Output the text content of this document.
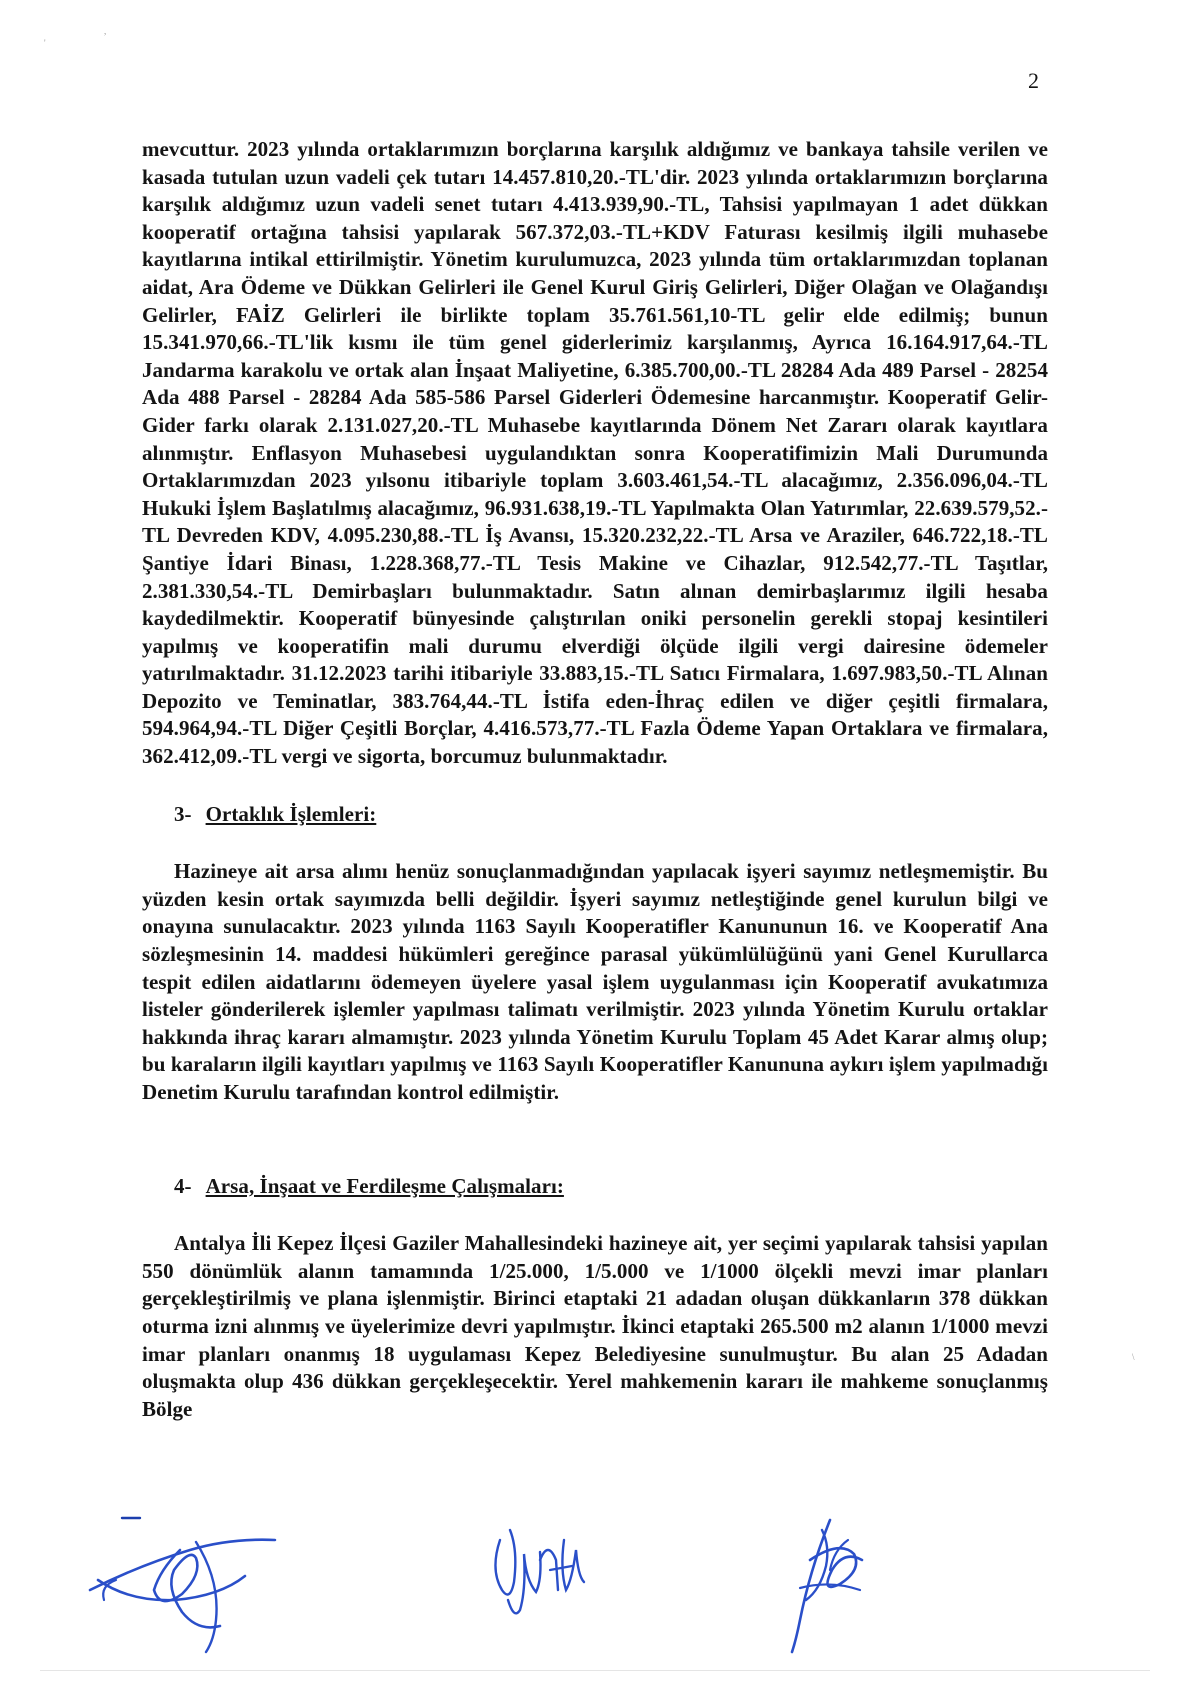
2
'
,

mevcuttur. 2023 yılında ortaklarımızın borçlarına karşılık aldığımız ve bankaya tahsile verilen ve kasada tutulan uzun vadeli çek tutarı 14.457.810,20.-TL'dir. 2023 yılında ortaklarımızın borçlarına karşılık aldığımız uzun vadeli senet tutarı 4.413.939,90.-TL, Tahsisi yapılmayan 1 adet dükkan kooperatif ortağına tahsisi yapılarak 567.372,03.-TL+KDV Faturası kesilmiş ilgili muhasebe kayıtlarına intikal ettirilmiştir. Yönetim kurulumuzca, 2023 yılında tüm ortaklarımızdan toplanan aidat, Ara Ödeme ve Dükkan Gelirleri ile Genel Kurul Giriş Gelirleri, Diğer Olağan ve Olağandışı Gelirler, FAİZ Gelirleri ile birlikte toplam 35.761.561,10-TL gelir elde edilmiş; bunun 15.341.970,66.-TL'lik kısmı ile tüm genel giderlerimiz karşılanmış, Ayrıca 16.164.917,64.-TL Jandarma karakolu ve ortak alan İnşaat Maliyetine, 6.385.700,00.-TL 28284 Ada 489 Parsel - 28254 Ada 488 Parsel - 28284 Ada 585-586 Parsel Giderleri Ödemesine harcanmıştır. Kooperatif Gelir-Gider farkı olarak 2.131.027,20.-TL Muhasebe kayıtlarında Dönem Net Zararı olarak kayıtlara alınmıştır. Enflasyon Muhasebesi uygulandıktan sonra Kooperatifimizin Mali Durumunda Ortaklarımızdan 2023 yılsonu itibariyle toplam 3.603.461,54.-TL alacağımız, 2.356.096,04.-TL Hukuki İşlem Başlatılmış alacağımız, 96.931.638,19.-TL Yapılmakta Olan Yatırımlar, 22.639.579,52.-TL Devreden KDV, 4.095.230,88.-TL İş Avansı, 15.320.232,22.-TL Arsa ve Araziler, 646.722,18.-TL Şantiye İdari Binası, 1.228.368,77.-TL Tesis Makine ve Cihazlar, 912.542,77.-TL Taşıtlar, 2.381.330,54.-TL Demirbaşları bulunmaktadır. Satın alınan demirbaşlarımız ilgili hesaba kaydedilmektir. Kooperatif bünyesinde çalıştırılan oniki personelin gerekli stopaj kesintileri yapılmış ve kooperatifin mali durumu elverdiği ölçüde ilgili vergi dairesine ödemeler yatırılmaktadır. 31.12.2023 tarihi itibariyle 33.883,15.-TL Satıcı Firmalara, 1.697.983,50.-TL Alınan Depozito ve Teminatlar, 383.764,44.-TL İstifa eden-İhraç edilen ve diğer çeşitli firmalara, 594.964,94.-TL Diğer Çeşitli Borçlar, 4.416.573,77.-TL Fazla Ödeme Yapan Ortaklara ve firmalara, 362.412,09.-TL vergi ve sigorta, borcumuz bulunmaktadır.

3- Ortaklık İşlemleri:

Hazineye ait arsa alımı henüz sonuçlanmadığından yapılacak işyeri sayımız netleşmemiştir. Bu yüzden kesin ortak sayımızda belli değildir. İşyeri sayımız netleştiğinde genel kurulun bilgi ve onayına sunulacaktır. 2023 yılında 1163 Sayılı Kooperatifler Kanununun 16. ve Kooperatif Ana sözleşmesinin 14. maddesi hükümleri gereğince parasal yükümlülüğünü yani Genel Kurullarca tespit edilen aidatlarını ödemeyen üyelere yasal işlem uygulanması için Kooperatif avukatımıza listeler gönderilerek işlemler yapılması talimatı verilmiştir. 2023 yılında Yönetim Kurulu ortaklar hakkında ihraç kararı almamıştır. 2023 yılında Yönetim Kurulu Toplam 45 Adet Karar almış olup; bu karaların ilgili kayıtları yapılmış ve 1163 Sayılı Kooperatifler Kanununa aykırı işlem yapılmadığı Denetim Kurulu tarafından kontrol edilmiştir.

4- Arsa, İnşaat ve Ferdileşme Çalışmaları:

Antalya İli Kepez İlçesi Gaziler Mahallesindeki hazineye ait, yer seçimi yapılarak tahsisi yapılan 550 dönümlük alanın tamamında 1/25.000, 1/5.000 ve 1/1000 ölçekli mevzi imar planları gerçekleştirilmiş ve plana işlenmiştir. Birinci etaptaki 21 adadan oluşan dükkanların 378 dükkan oturma izni alınmış ve üyelerimize devri yapılmıştır. İkinci etaptaki 265.500 m2 alanın 1/1000 mevzi imar planları onanmış 18 uygulaması Kepez Belediyesine sunulmuştur. Bu alan 25 Adadan oluşmakta olup 436 dükkan gerçekleşecektir. Yerel mahkemenin kararı ile mahkeme sonuçlanmış Bölge

\
